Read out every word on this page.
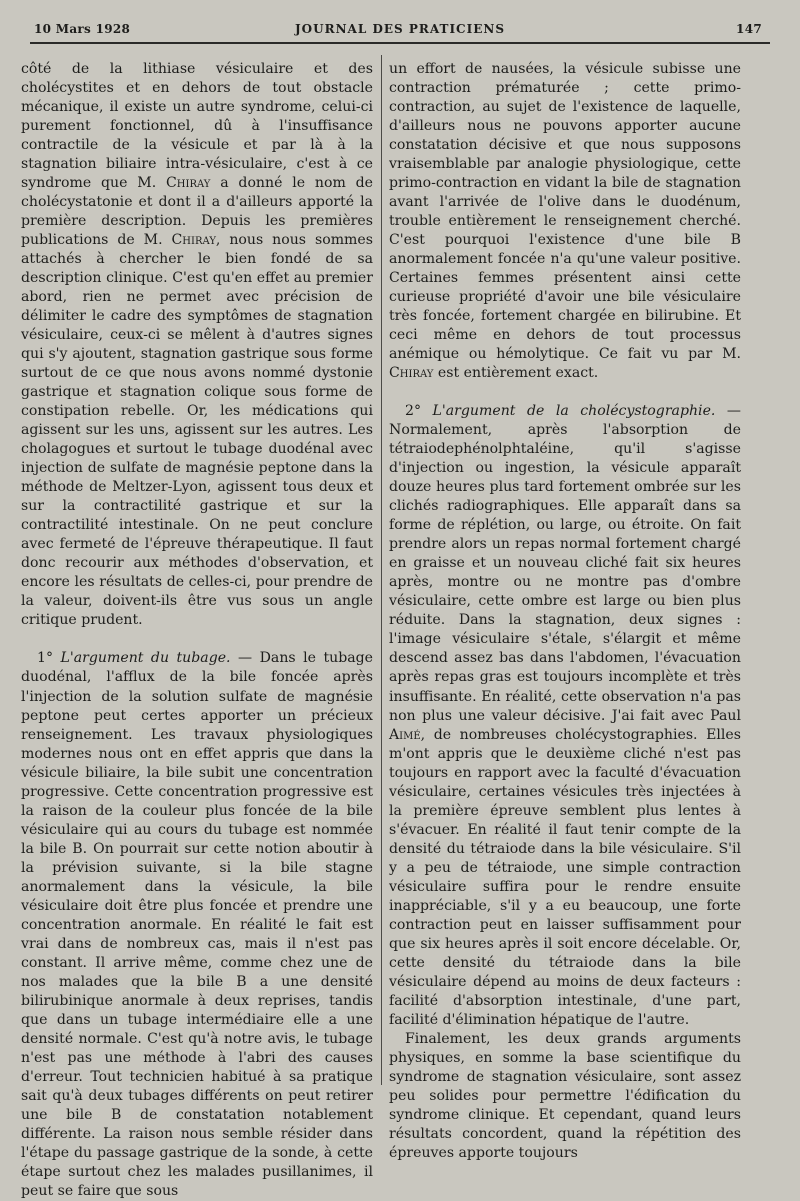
10 Mars 1928	JOURNAL DES PRATICIENS	147

côté de la lithiase vésiculaire et des cholécystites et en dehors de tout obstacle mécanique, il existe un autre syndrome, celui-ci purement fonctionnel, dû à l'insuffisance contractile de la vésicule et par là à la stagnation biliaire intra-vésiculaire, c'est à ce syndrome que M. Chiray a donné le nom de cholécystatonie et dont il a d'ailleurs apporté la première description. Depuis les premières publications de M. Chiray, nous nous sommes attachés à chercher le bien fondé de sa description clinique. C'est qu'en effet au premier abord, rien ne permet avec précision de délimiter le cadre des symptômes de stagnation vésiculaire, ceux-ci se mêlent à d'autres signes qui s'y ajoutent, stagnation gastrique sous forme surtout de ce que nous avons nommé dystonie gastrique et stagnation colique sous forme de constipation rebelle. Or, les médications qui agissent sur les uns, agissent sur les autres. Les cholagogues et surtout le tubage duodénal avec injection de sulfate de magnésie peptone dans la méthode de Meltzer-Lyon, agissent tous deux et sur la contractilité gastrique et sur la contractilité intestinale. On ne peut conclure avec fermeté de l'épreuve thérapeutique. Il faut donc recourir aux méthodes d'observation, et encore les résultats de celles-ci, pour prendre de la valeur, doivent-ils être vus sous un angle critique prudent.

1° L'argument du tubage. — Dans le tubage duodénal, l'afflux de la bile foncée après l'injection de la solution sulfate de magnésie peptone peut certes apporter un précieux renseignement. Les travaux physiologiques modernes nous ont en effet appris que dans la vésicule biliaire, la bile subit une concentration progressive. Cette concentration progressive est la raison de la couleur plus foncée de la bile vésiculaire qui au cours du tubage est nommée la bile B. On pourrait sur cette notion aboutir à la prévision suivante, si la bile stagne anormalement dans la vésicule, la bile vésiculaire doit être plus foncée et prendre une concentration anormale. En réalité le fait est vrai dans de nombreux cas, mais il n'est pas constant. Il arrive même, comme chez une de nos malades que la bile B a une densité bilirubinique anormale à deux reprises, tandis que dans un tubage intermédiaire elle a une densité normale. C'est qu'à notre avis, le tubage n'est pas une méthode à l'abri des causes d'erreur. Tout technicien habitué à sa pratique sait qu'à deux tubages différents on peut retirer une bile B de constatation notablement différente. La raison nous semble résider dans l'étape du passage gastrique de la sonde, à cette étape surtout chez les malades pusillanimes, il peut se faire que sous

un effort de nausées, la vésicule subisse une contraction prématurée ; cette primo-contraction, au sujet de l'existence de laquelle, d'ailleurs nous ne pouvons apporter aucune constatation décisive et que nous supposons vraisemblable par analogie physiologique, cette primo-contraction en vidant la bile de stagnation avant l'arrivée de l'olive dans le duodénum, trouble entièrement le renseignement cherché. C'est pourquoi l'existence d'une bile B anormalement foncée n'a qu'une valeur positive. Certaines femmes présentent ainsi cette curieuse propriété d'avoir une bile vésiculaire très foncée, fortement chargée en bilirubine. Et ceci même en dehors de tout processus anémique ou hémolytique. Ce fait vu par M. Chiray est entièrement exact.

2° L'argument de la cholécystographie. — Normalement, après l'absorption de tétraiodephénolphtaléine, qu'il s'agisse d'injection ou ingestion, la vésicule apparaît douze heures plus tard fortement ombrée sur les clichés radiographiques. Elle apparaît dans sa forme de réplétion, ou large, ou étroite. On fait prendre alors un repas normal fortement chargé en graisse et un nouveau cliché fait six heures après, montre ou ne montre pas d'ombre vésiculaire, cette ombre est large ou bien plus réduite. Dans la stagnation, deux signes : l'image vésiculaire s'étale, s'élargit et même descend assez bas dans l'abdomen, l'évacuation après repas gras est toujours incomplète et très insuffisante. En réalité, cette observation n'a pas non plus une valeur décisive. J'ai fait avec Paul Aimé, de nombreuses cholécystographies. Elles m'ont appris que le deuxième cliché n'est pas toujours en rapport avec la faculté d'évacuation vésiculaire, certaines vésicules très injectées à la première épreuve semblent plus lentes à s'évacuer. En réalité il faut tenir compte de la densité du tétraiode dans la bile vésiculaire. S'il y a peu de tétraiode, une simple contraction vésiculaire suffira pour le rendre ensuite inappréciable, s'il y a eu beaucoup, une forte contraction peut en laisser suffisamment pour que six heures après il soit encore décelable. Or, cette densité du tétraiode dans la bile vésiculaire dépend au moins de deux facteurs : facilité d'absorption intestinale, d'une part, facilité d'élimination hépatique de l'autre.

Finalement, les deux grands arguments physiques, en somme la base scientifique du syndrome de stagnation vésiculaire, sont assez peu solides pour permettre l'édification du syndrome clinique. Et cependant, quand leurs résultats concordent, quand la répétition des épreuves apporte toujours
